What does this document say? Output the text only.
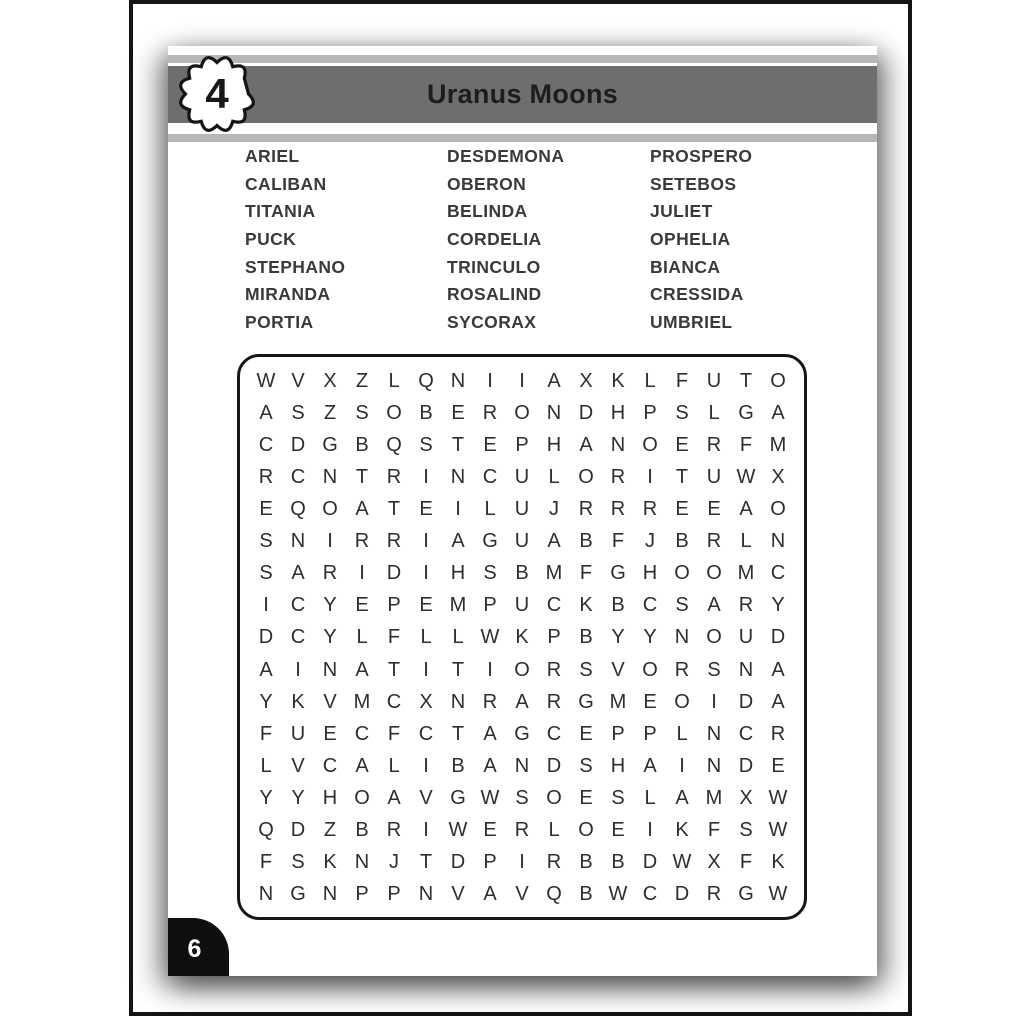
Uranus Moons
4
ARIEL
CALIBAN
TITANIA
PUCK
STEPHANO
MIRANDA
PORTIA
DESDEMONA
OBERON
BELINDA
CORDELIA
TRINCULO
ROSALIND
SYCORAX
PROSPERO
SETEBOS
JULIET
OPHELIA
BIANCA
CRESSIDA
UMBRIEL
W V X Z	L Q N	I	I	A X K L	F U T O
A S Z S O B E R O N D H P S L G A
C D G B Q S T E P H A N O E R F M
R C N T R	I	N C U L O R	I	T U W X
E Q O A T E	I	L U J R R R E E A O
S N	I	R R	I	A G U A B F	J	B R L N
S A R	I	D	I	H S B M F G H O O M C
I	C Y E P E M P U C K B C S A R Y
D C Y L	F	L	L W K P B Y Y N O U D
A	I	N A T	I	T	I	O R S V O R S N A
Y K V M C X N R A R G M E O	I	D A
F U E C F C T A G C E P P L N C R
L V C A L	I	B A N D S H A	I	N D E
Y Y H O A V G W S O E S L A M X W
Q D Z B R	I W E R L O E	I	K F S W
F S K N J	T D P	I	R B B D W X F K
N G N P P N V A V Q B W C D R G W
6
